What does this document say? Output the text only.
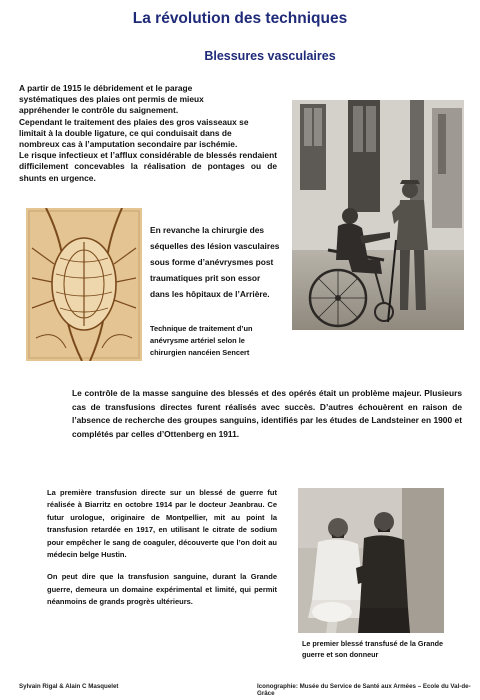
La révolution des techniques
Blessures vasculaires

A partir de 1915 le débridement et le parage

systématiques des plaies ont permis de mieux

appréhender le contrôle du saignement.

Cependant le traitement des plaies des gros vaisseaux se

limitait à la double ligature, ce qui conduisait dans de

nombreux cas à l’amputation secondaire par ischémie.

Le risque infectieux et l’afflux considérable de blessés rendaient difficilement concevables la réalisation de pontages ou de shunts en urgence.

En revanche la chirurgie des
séquelles des lésion vasculaires
sous forme d’anévrysmes post
traumatiques prit son essor
dans les hôpitaux de l’Arrière.
Technique de traitement d’un
anévrysme artériel selon le
chirurgien nancéien Sencert
Le contrôle de la masse sanguine des blessés et des opérés était un problème majeur. Plusieurs cas de transfusions directes furent réalisés avec succès. D’autres échouèrent en raison de l’absence de recherche des groupes sanguins, identifiés par les études de Landsteiner en 1900 et complétés par celles d’Ottenberg en 1911.

La première transfusion directe sur un blessé de guerre fut réalisée à Biarritz en octobre 1914 par le docteur Jeanbrau. Ce futur urologue, originaire de Montpellier, mit au point la transfusion retardée en 1917, en utilisant le citrate de sodium pour empêcher le sang de coaguler, découverte que l’on doit au médecin belge Hustin.

On peut dire que la transfusion sanguine, durant la Grande guerre, demeura un domaine expérimental et limité, qui permit néanmoins de grands progrès ultérieurs.

Le premier blessé transfusé de la Grande guerre et son donneur
Sylvain Rigal & Alain C Masquelet	Iconographie: Musée du Service de Santé aux Armées – Ecole du Val-de-Grâce
